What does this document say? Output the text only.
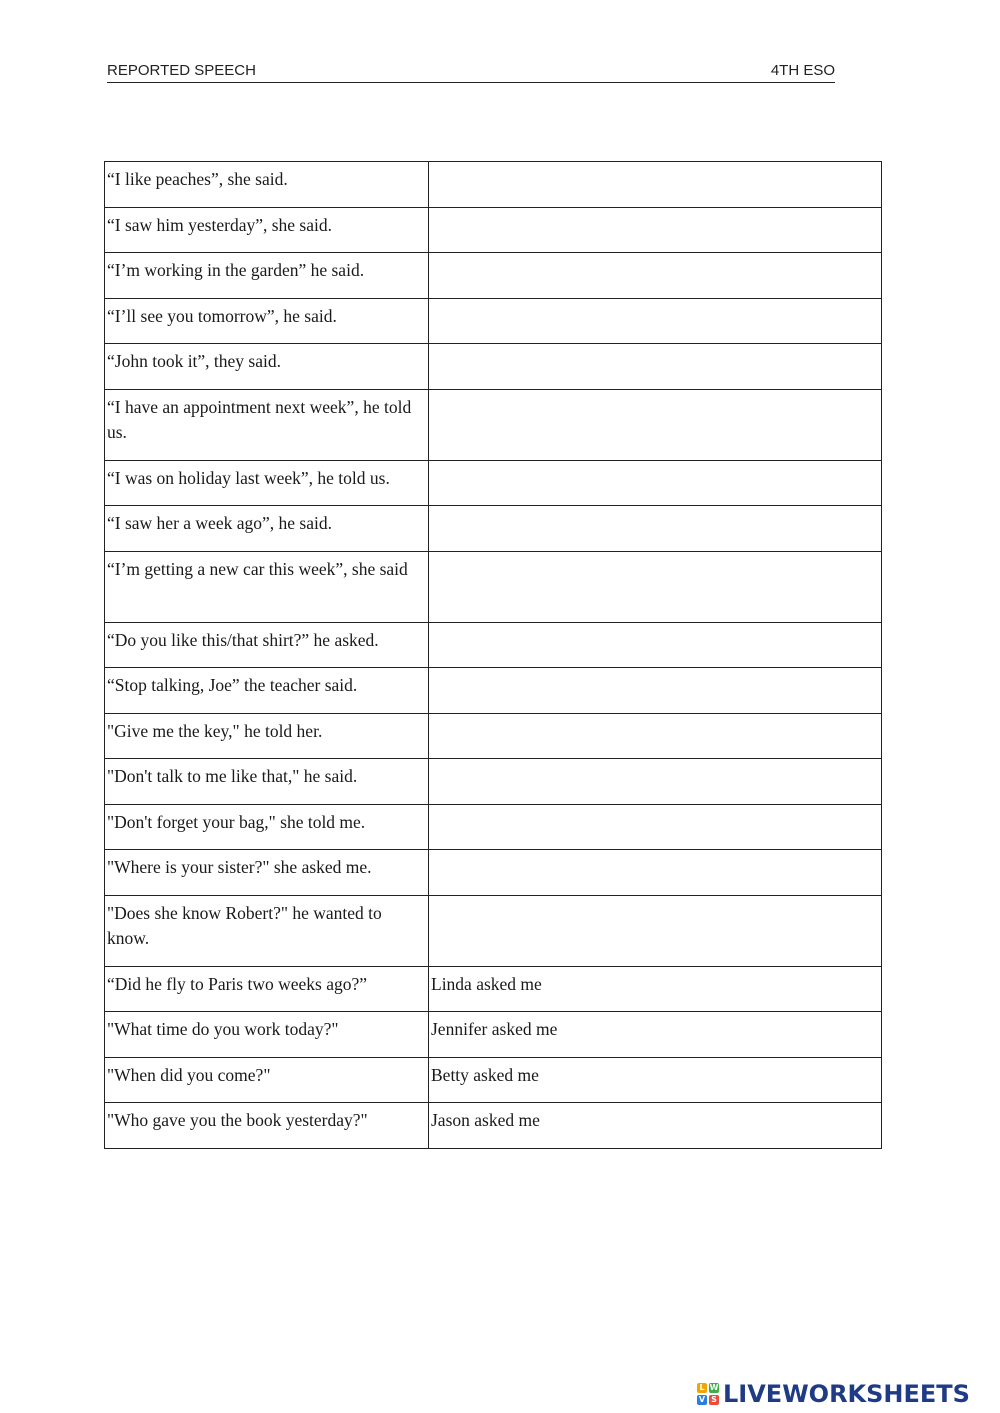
REPORTED SPEECH	4TH ESO
“I like peaches”, she said.	
“I saw him yesterday”, she said.	
“I’m working in the garden” he said.	
“I’ll see you tomorrow”, he said.	
“John took it”, they said.	
“I have an appointment next week”, he told us.	
“I was on holiday last week”, he told us.	
“I saw her a week ago”, he said.	
“I’m getting a new car this week”, she said	
“Do you like this/that shirt?” he asked.	
“Stop talking, Joe” the teacher said.	
"Give me the key," he told her.	
"Don't talk to me like that," he said.	
"Don't forget your bag," she told me.	
"Where is your sister?" she asked me.	
"Does she know Robert?" he wanted to know.	
“Did he fly to Paris two weeks ago?”	Linda asked me
"What time do you work today?"	Jennifer asked me
"When did you come?"	Betty asked me
"Who gave you the book yesterday?"	Jason asked me
L W
V S LIVEWORKSHEETS
